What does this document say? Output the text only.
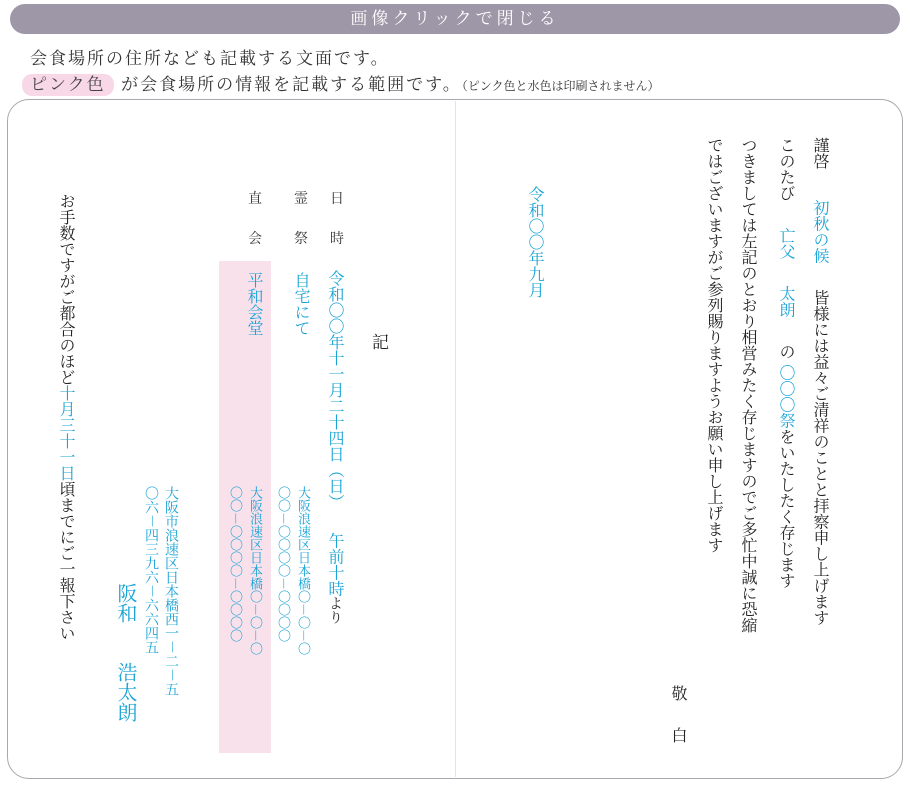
画像クリックで閉じる
会食場所の住所なども記載する文面です。
ピンク色 が会食場所の情報を記載する範囲です。（ピンク色と水色は印刷されません）
謹啓  初秋の候  皆様には益々ご清祥のことと拝察申し上げます
このたび  亡父  太朗  の 〇〇〇祭をいたしたく存じます
つきましては左記のとおり相営みたく存じますのでご多忙中誠に恐縮
ではございますがご参列賜りますようお願い申し上げます
敬
白
令和〇〇年九月
記
日
時
霊
祭
直
会
令和〇〇年十一月二十四日（日）  午前十時より
自宅にて
大阪浪速区日本橋〇－〇－〇
〇〇－〇〇〇〇－〇〇〇〇
平和会堂
大阪浪速区日本橋〇－〇－〇
〇〇－〇〇〇〇－〇〇〇〇
大阪市浪速区日本橋西一－二－五
〇六－四三九六－六六四五
阪和  浩太朗
お手数ですがご都合のほど十月三十一日頃までにご一報下さい
